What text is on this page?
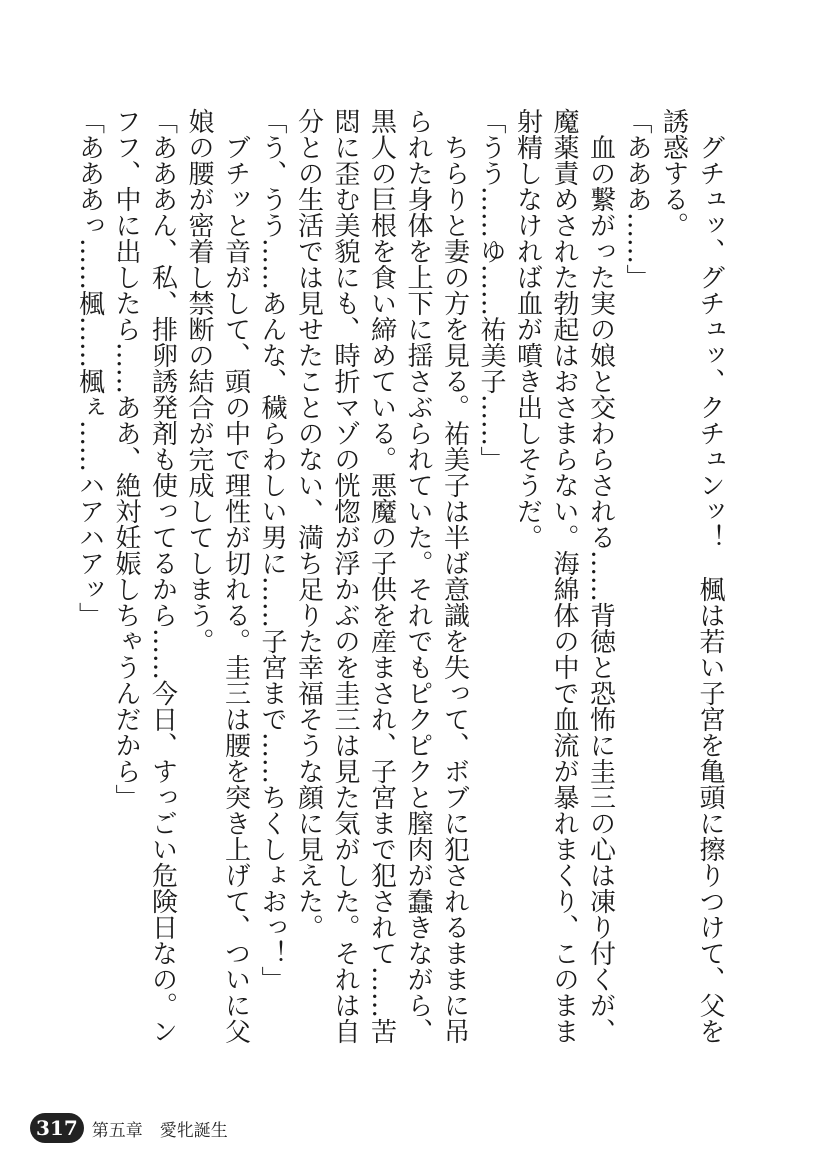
グチュッ、グチュッ、クチュンッ！　楓は若い子宮を亀頭に擦りつけて、父を誘惑する。

「あああ……」

血の繋がった実の娘と交わらされる……背徳と恐怖に圭三の心は凍り付くが、魔薬責めされた勃起はおさまらない。海綿体の中で血流が暴れまくり、このまま射精しなければ血が噴き出しそうだ。

「うう……ゆ……祐美子……」

ちらりと妻の方を見る。祐美子は半ば意識を失って、ボブに犯されるままに吊られた身体を上下に揺さぶられていた。それでもピクピクと膣肉が蠢きながら、黒人の巨根を食い締めている。悪魔の子供を産まされ、子宮まで犯されて……苦悶に歪む美貌にも、時折マゾの恍惚が浮かぶのを圭三は見た気がした。それは自分との生活では見せたことのない、満ち足りた幸福そうな顔に見えた。

「う、うう……あんな、穢らわしい男に……子宮まで……ちくしょおっ！」

ブチッと音がして、頭の中で理性が切れる。圭三は腰を突き上げて、ついに父娘の腰が密着し禁断の結合が完成してしまう。

「あああん、私、排卵誘発剤も使ってるから……今日、すっごい危険日なの。ンフフ、中に出したら……ああ、絶対妊娠しちゃうんだから」

「あああっ……楓……楓ぇ……ハアハアッ」

317 第五章　愛牝誕生
